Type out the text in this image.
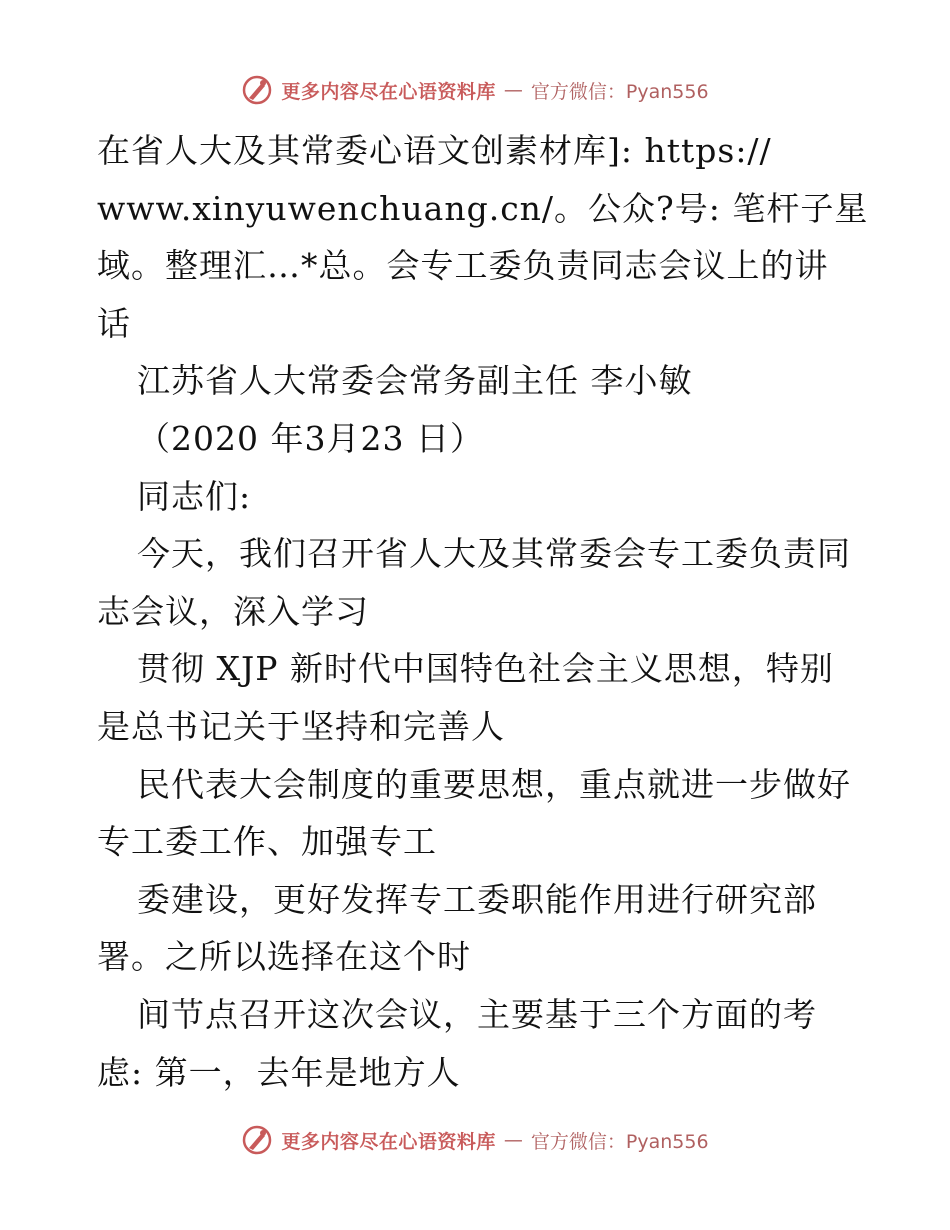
更多内容尽在心语资料库 — 官方微信：Pyan556

在省人大及其常委心语文创素材库]: https://

www.xinyuwenchuang.cn/。公众?号: 笔杆子星

域。整理汇…*总。会专工委负责同志会议上的讲

话

江苏省人大常委会常务副主任 李小敏

（2020 年3月23 日）

同志们:

今天，我们召开省人大及其常委会专工委负责同

志会议，深入学习

贯彻 XJP 新时代中国特色社会主义思想，特别

是总书记关于坚持和完善人

民代表大会制度的重要思想，重点就进一步做好

专工委工作、加强专工

委建设，更好发挥专工委职能作用进行研究部

署。之所以选择在这个时

间节点召开这次会议，主要基于三个方面的考

虑: 第一，去年是地方人

更多内容尽在心语资料库 — 官方微信：Pyan556
